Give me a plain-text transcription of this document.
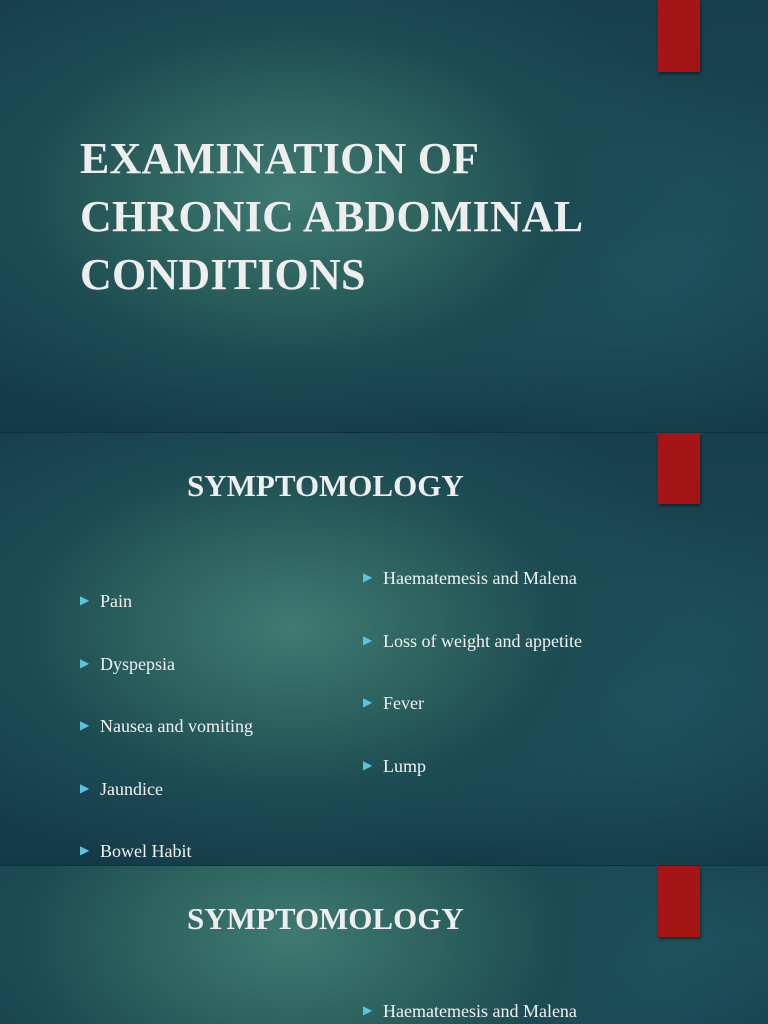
EXAMINATION OF CHRONIC ABDOMINAL CONDITIONS
SYMPTOMOLOGY
▶ Pain
▶ Dyspepsia
▶ Nausea and vomiting
▶ Jaundice
▶ Bowel Habit
▶ Haematemesis and Malena
▶ Loss of weight and appetite
▶ Fever
▶ Lump
SYMPTOMOLOGY
▶ Haematemesis and Malena
